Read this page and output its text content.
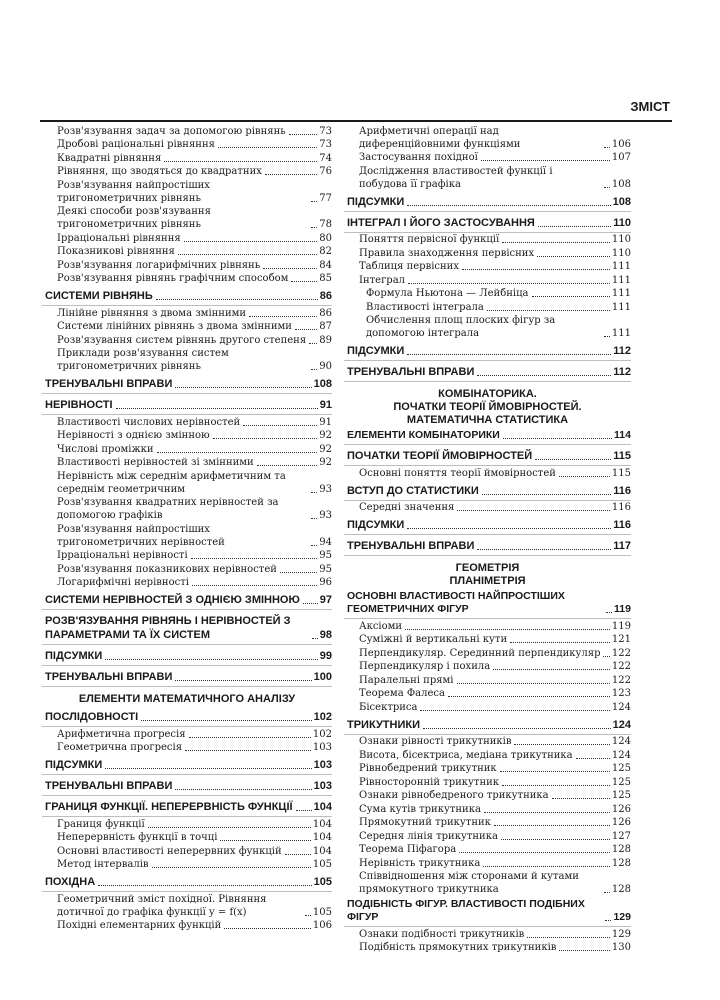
ЗМІСТ
Розв'язування задач за допомогою рівнянь	73
Дробові раціональні рівняння	73
Квадратні рівняння	74
Рівняння, що зводяться до квадратних	76
Розв'язування найпростіших тригонометричних рівнянь	77
Деякі способи розв'язування тригонометричних рівнянь	78
Ірраціональні рівняння	80
Показникові рівняння	82
Розв'язування логарифмічних рівнянь	84
Розв'язування рівнянь графічним способом	85
СИСТЕМИ РІВНЯНЬ	86
Лінійне рівняння з двома змінними	86
Системи лінійних рівнянь з двома змінними	87
Розв'язування систем рівнянь другого степеня 89
Приклади розв'язування систем тригонометричних рівнянь	90
ТРЕНУВАЛЬНІ ВПРАВИ	108
НЕРІВНОСТІ	91
Властивості числових нерівностей	91
Нерівності з однією змінною	92
Числові проміжки	92
Властивості нерівностей зі змінними	92
Нерівність між середнім арифметичним та середнім геометричним	93
Розв'язування квадратних нерівностей за допомогою графіків	93
Розв'язування найпростіших тригонометричних нерівностей	94
Ірраціональні нерівності	95
Розв'язування показникових нерівностей	95
Логарифмічні нерівності	96
СИСТЕМИ НЕРІВНОСТЕЙ З ОДНІЄЮ ЗМІННОЮ 97
РОЗВ'ЯЗУВАННЯ РІВНЯНЬ І НЕРІВНОСТЕЙ З ПАРАМЕТРАМИ ТА ЇХ СИСТЕМ	98
ПІДСУМКИ	99
ТРЕНУВАЛЬНІ ВПРАВИ	100
ЕЛЕМЕНТИ МАТЕМАТИЧНОГО АНАЛІЗУ
ПОСЛІДОВНОСТІ	102
Арифметична прогресія	102
Геометрична прогресія	103
ПІДСУМКИ	103
ТРЕНУВАЛЬНІ ВПРАВИ	103
ГРАНИЦЯ ФУНКЦІЇ. НЕПЕРЕРВНІСТЬ ФУНКЦІЇ 104
Границя функції	104
Неперервність функції в точці	104
Основні властивості неперервних функцій	104
Метод інтервалів	105
ПОХІДНА	105
Геометричний зміст похідної. Рівняння дотичної до графіка функції y = f(x)	105
Похідні елементарних функцій	106
Арифметичні операції над диференційовними функціями	106
Застосування похідної	107
Дослідження властивостей функції і побудова її графіка	108
ПІДСУМКИ	108
ІНТЕГРАЛ І ЙОГО ЗАСТОСУВАННЯ	110
Поняття первісної функції	110
Правила знаходження первісних	110
Таблиця первісних	111
Інтеграл	111
Формула Ньютона — Лейбніца	111
Властивості інтеграла	111
Обчислення площ плоских фігур за допомогою інтеграла	111
ПІДСУМКИ	112
ТРЕНУВАЛЬНІ ВПРАВИ	112
КОМБІНАТОРИКА.
ПОЧАТКИ ТЕОРІЇ ЙМОВІРНОСТЕЙ.
МАТЕМАТИЧНА СТАТИСТИКА
ЕЛЕМЕНТИ КОМБІНАТОРИКИ	114
ПОЧАТКИ ТЕОРІЇ ЙМОВІРНОСТЕЙ	115
Основні поняття теорії ймовірностей	115
ВСТУП ДО СТАТИСТИКИ	116
Середні значення	116
ПІДСУМКИ	116
ТРЕНУВАЛЬНІ ВПРАВИ	117
ГЕОМЕТРІЯ
ПЛАНІМЕТРІЯ
ОСНОВНІ ВЛАСТИВОСТІ НАЙПРОСТІШИХ ГЕОМЕТРИЧНИХ ФІГУР	119
Аксіоми	119
Суміжні й вертикальні кути	121
Перпендикуляр. Серединний перпендикуляр 122
Перпендикуляр і похила	122
Паралельні прямі	122
Теорема Фалеса	123
Бісектриса	124
ТРИКУТНИКИ	124
Ознаки рівності трикутників	124
Висота, бісектриса, медіана трикутника	124
Рівнобедрений трикутник	125
Рівносторонній трикутник	125
Ознаки рівнобедреного трикутника	125
Сума кутів трикутника	126
Прямокутний трикутник	126
Середня лінія трикутника	127
Теорема Піфагора	128
Нерівність трикутника	128
Співвідношення між сторонами й кутами прямокутного трикутника	128
ПОДІБНІСТЬ ФІГУР. ВЛАСТИВОСТІ ПОДІБНИХ ФІГУР	129
Ознаки подібності трикутників	129
Подібність прямокутних трикутників	130
